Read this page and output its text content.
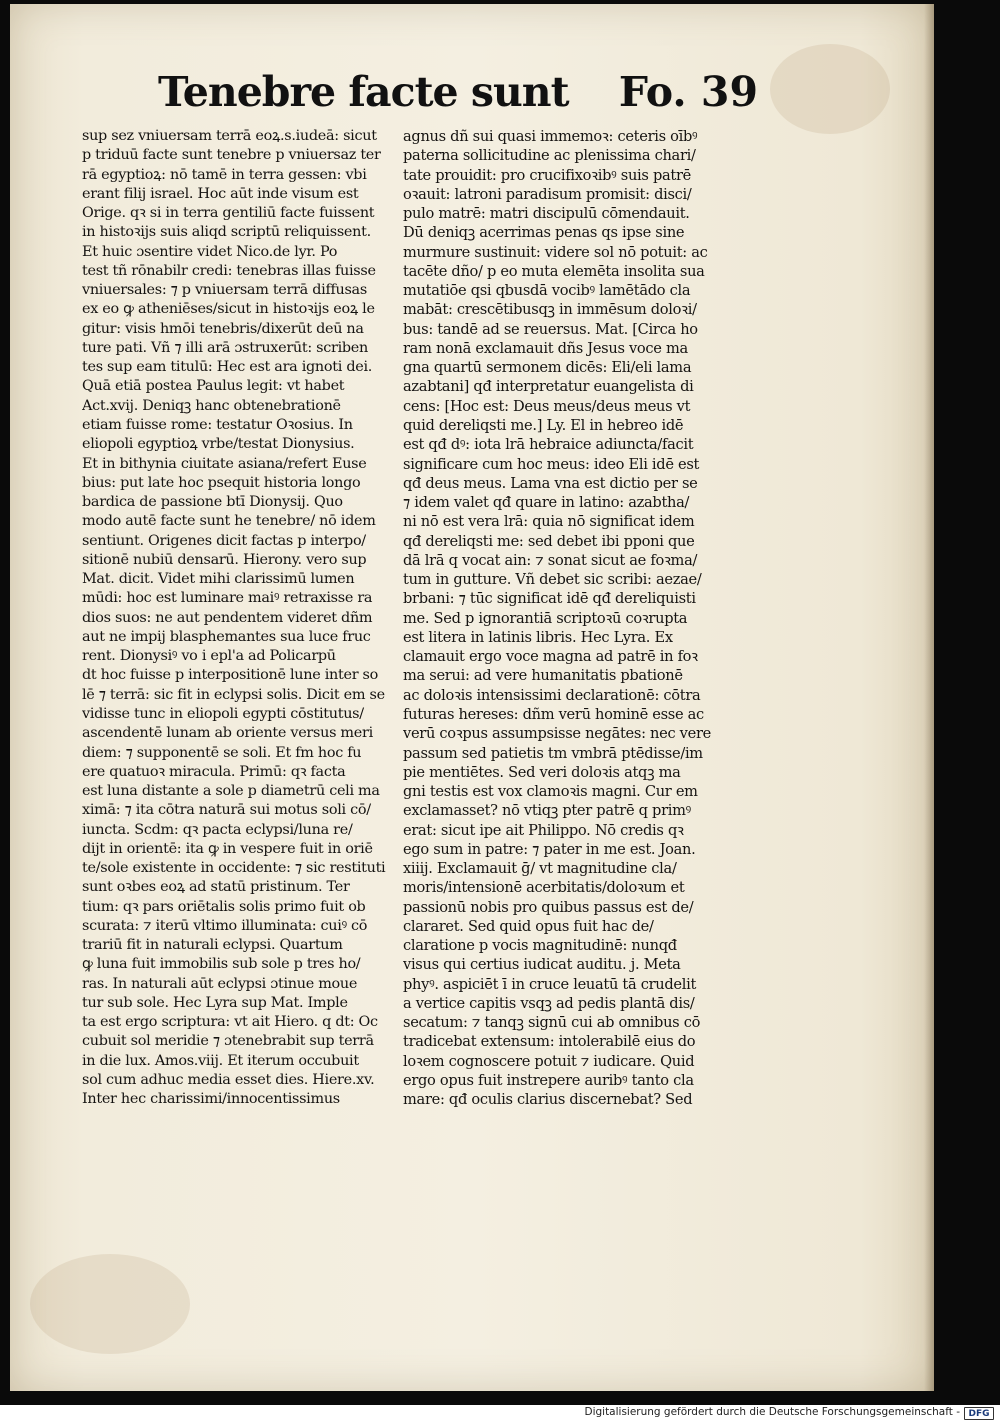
Tenebre facte sunt Fo. 39
sup sez vniuersam terrā eoꝝ.s.iudeā: sicut
p triduū facte sunt tenebre p vniuersaz ter
rā egyptioꝝ: nō tamē in terra gessen: vbi
erant filij israel. Hoc aūt inde visum est
Orige. qꝛ si in terra gentiliū facte fuissent
in histoꝛijs suis aliqd scriptū reliquissent.
Et huic ɔsentire videt Nico.de lyr. Po
test tñ rōnabilr credi: tenebras illas fuisse
vniuersales: ⁊ p vniuersam terrā diffusas
ex eo ꝙ atheniēses/sicut in histoꝛijs eoꝝ le
gitur: visis hmōi tenebris/dixerūt deū na
ture pati. Vñ ⁊ illi arā ɔstruxerūt: scriben
tes sup eam titulū: Hec est ara ignoti dei.
Quā etiā postea Paulus legit: vt habet
Act.xvij. Deniqꝫ hanc obtenebrationē
etiam fuisse rome: testatur Oꝛosius. In
eliopoli egyptioꝝ vrbe/testat Dionysius.
Et in bithynia ciuitate asiana/refert Euse
bius: put late hoc psequit historia longo
bardica de passione btī Dionysij. Quo
modo autē facte sunt he tenebre/ nō idem
sentiunt. Origenes dicit factas p interpo/
sitionē nubiū densarū. Hierony. vero sup
Mat. dicit. Videt mihi clarissimū lumen
mūdi: hoc est luminare maiꝰ retraxisse ra
dios suos: ne aut pendentem videret dñm
aut ne impij blasphemantes sua luce fruc
rent. Dionysiꝰ vo i epl'a ad Policarpū
dt hoc fuisse p interpositionē lune inter so
lē ⁊ terrā: sic fit in eclypsi solis. Dicit em se
vidisse tunc in eliopoli egypti cōstitutus/
ascendentē lunam ab oriente versus meri
diem: ⁊ supponentē se soli. Et fm hoc fu
ere quatuoꝛ miracula. Primū: qꝛ facta
est luna distante a sole p diametrū celi ma
ximā: ⁊ ita cōtra naturā sui motus soli cō/
iuncta. Scdm: qꝛ pacta eclypsi/luna re/
dijt in orientē: ita ꝙ in vespere fuit in oriē
te/sole existente in occidente: ⁊ sic restituti
sunt oꝛbes eoꝝ ad statū pristinum. Ter
tium: qꝛ pars oriētalis solis primo fuit ob
scurata: ⁊ iterū vltimo illuminata: cuiꝰ cō
trariū fit in naturali eclypsi. Quartum
ꝙ luna fuit immobilis sub sole p tres ho/
ras. In naturali aūt eclypsi ɔtinue moue
tur sub sole. Hec Lyra sup Mat. Imple
ta est ergo scriptura: vt ait Hiero. q dt: Oc
cubuit sol meridie ⁊ ɔtenebrabit sup terrā
in die lux. Amos.viij. Et iterum occubuit
sol cum adhuc media esset dies. Hiere.xv.
Inter hec charissimi/innocentissimus
agnus dñ sui quasi immemoꝛ: ceteris oībꝰ
paterna sollicitudine ac plenissima chari/
tate prouidit: pro crucifixoꝛibꝰ suis patrē
oꝛauit: latroni paradisum promisit: disci/
pulo matrē: matri discipulū cōmendauit.
Dū deniqꝫ acerrimas penas qs ipse sine
murmure sustinuit: videre sol nō potuit: ac
tacēte dño/ p eo muta elemēta insolita sua
mutatiōe qsi qbusdā vocibꝰ lamētādo cla
mabāt: crescētibusqꝫ in immēsum doloꝛi/
bus: tandē ad se reuersus. Mat. [Circa ho
ram nonā exclamauit dñs Jesus voce ma
gna quartū sermonem dicēs: Eli/eli lama
azabtani] qđ interpretatur euangelista di
cens: [Hoc est: Deus meus/deus meus vt
quid dereliqsti me.] Ly. El in hebreo idē
est qđ dꝰ: iota lrā hebraice adiuncta/facit
significare cum hoc meus: ideo Eli idē est
qđ deus meus. Lama vna est dictio per se
⁊ idem valet qđ quare in latino: azabtha/
ni nō est vera lrā: quia nō significat idem
qđ dereliqsti me: sed debet ibi pponi que
dā lrā q vocat ain: ⁊ sonat sicut ae foꝛma/
tum in gutture. Vñ debet sic scribi: aezae/
brbani: ⁊ tūc significat idē qđ dereliquisti
me. Sed p ignorantiā scriptoꝛū coꝛrupta
est litera in latinis libris. Hec Lyra. Ex
clamauit ergo voce magna ad patrē in foꝛ
ma serui: ad vere humanitatis pbationē
ac doloꝛis intensissimi declarationē: cōtra
futuras hereses: dñm verū hominē esse ac
verū coꝛpus assumpsisse negātes: nec vere
passum sed patietis tm vmbrā ptēdisse/im
pie mentiētes. Sed veri doloꝛis atqꝫ ma
gni testis est vox clamoꝛis magni. Cur em
exclamasset? nō vtiqꝫ pter patrē q primꝰ
erat: sicut ipe ait Philippo. Nō credis qꝛ
ego sum in patre: ⁊ pater in me est. Joan.
xiiij. Exclamauit ḡ/ vt magnitudine cla/
moris/intensionē acerbitatis/doloꝛum et
passionū nobis pro quibus passus est de/
clararet. Sed quid opus fuit hac de/
claratione p vocis magnitudinē: nunqđ
visus qui certius iudicat auditu. j. Meta
phyꝰ. aspiciēt ī in cruce leuatū tā crudelit
a vertice capitis vsqꝫ ad pedis plantā dis/
secatum: ⁊ tanqꝫ signū cui ab omnibus cō
tradicebat extensum: intolerabilē eius do
loꝛem cognoscere potuit ⁊ iudicare. Quid
ergo opus fuit instrepere auribꝰ tanto cla
mare: qđ oculis clarius discernebat? Sed
Digitalisierung gefördert durch die Deutsche Forschungsgemeinschaft - DFG
